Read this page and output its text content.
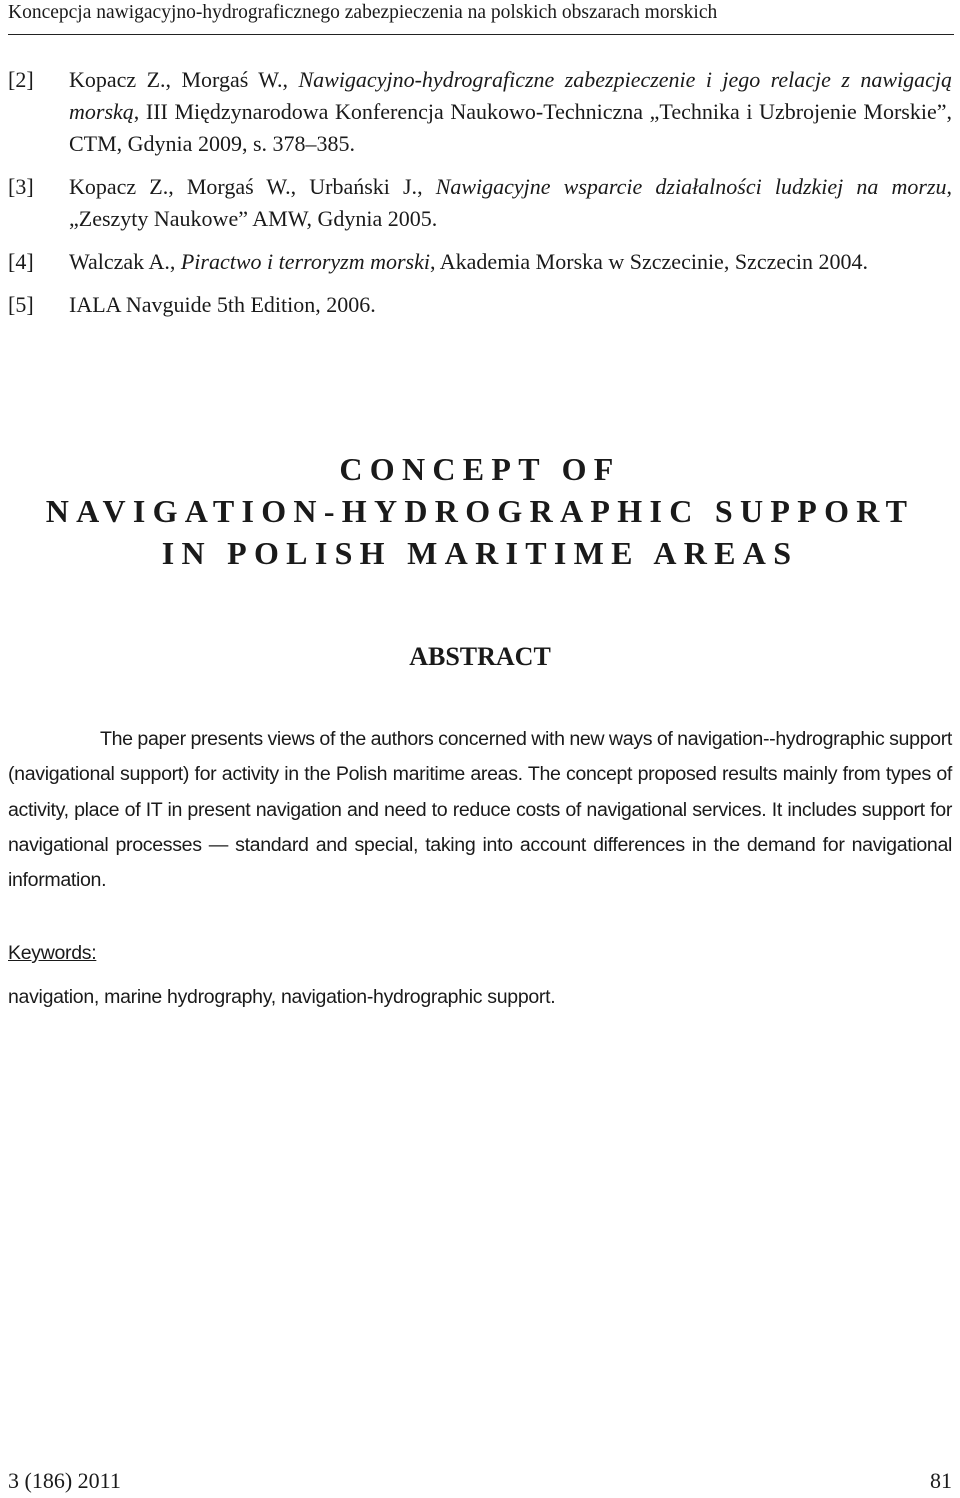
Koncepcja nawigacyjno-hydrograficznego zabezpieczenia na polskich obszarach morskich
[2] Kopacz Z., Morgaś W., Nawigacyjno-hydrograficzne zabezpieczenie i jego relacje z nawigacją morską, III Międzynarodowa Konferencja Naukowo-Techniczna „Technika i Uzbrojenie Morskie”, CTM, Gdynia 2009, s. 378‒385.
[3] Kopacz Z., Morgaś W., Urbański J., Nawigacyjne wsparcie działalności ludzkiej na morzu, „Zeszyty Naukowe” AMW, Gdynia 2005.
[4] Walczak A., Piractwo i terroryzm morski, Akademia Morska w Szczecinie, Szczecin 2004.
[5] IALA Navguide 5th Edition, 2006.
CONCEPT OF
NAVIGATION-HYDROGRAPHIC SUPPORT
IN POLISH MARITIME AREAS
ABSTRACT
The paper presents views of the authors concerned with new ways of navigation--hydrographic support (navigational support) for activity in the Polish maritime areas. The concept proposed results mainly from types of activity, place of IT in present navigation and need to reduce costs of navigational services. It includes support for navigational processes — standard and special, taking into account differences in the demand for navigational information.
Keywords:
navigation, marine hydrography, navigation-hydrographic support.
3 (186) 2011	81
